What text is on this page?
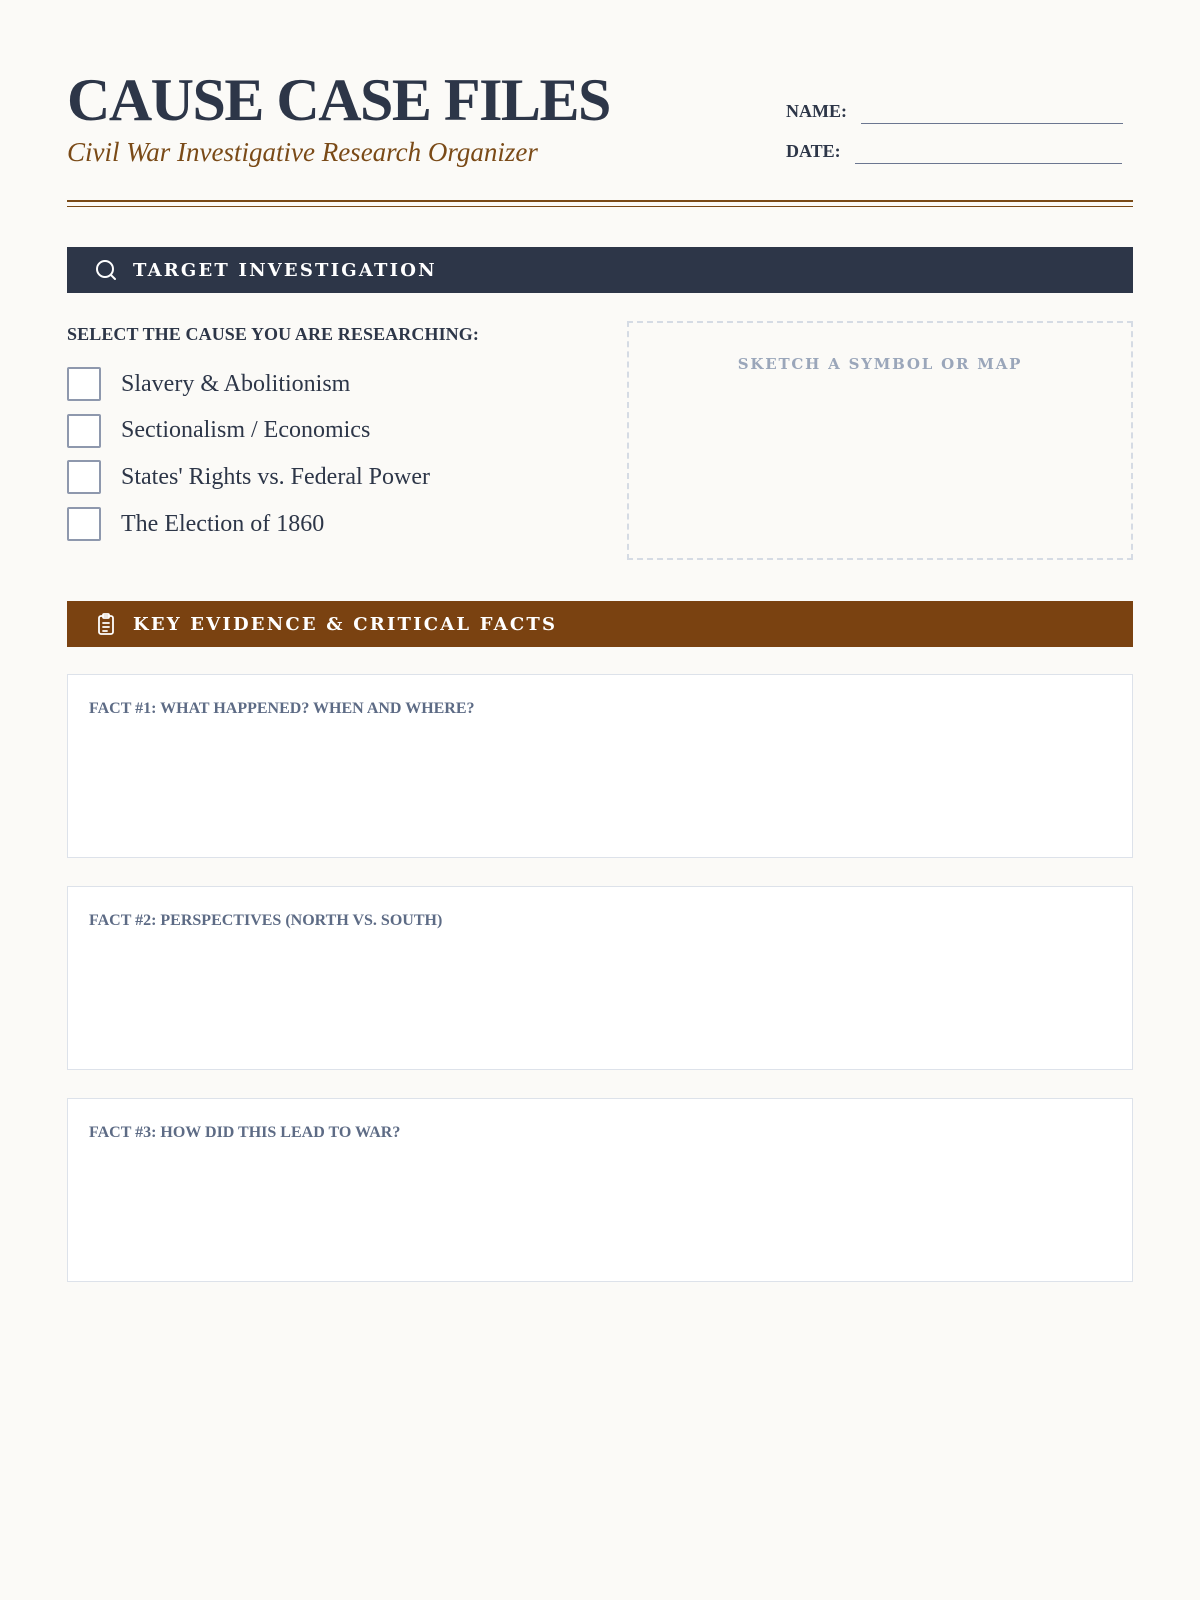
CAUSE CASE FILES
Civil War Investigative Research Organizer
NAME:
DATE:
TARGET INVESTIGATION
SELECT THE CAUSE YOU ARE RESEARCHING:
Slavery & Abolitionism
Sectionalism / Economics
States' Rights vs. Federal Power
The Election of 1860
SKETCH A SYMBOL OR MAP
KEY EVIDENCE & CRITICAL FACTS
FACT #1: WHAT HAPPENED? WHEN AND WHERE?
FACT #2: PERSPECTIVES (NORTH VS. SOUTH)
FACT #3: HOW DID THIS LEAD TO WAR?
